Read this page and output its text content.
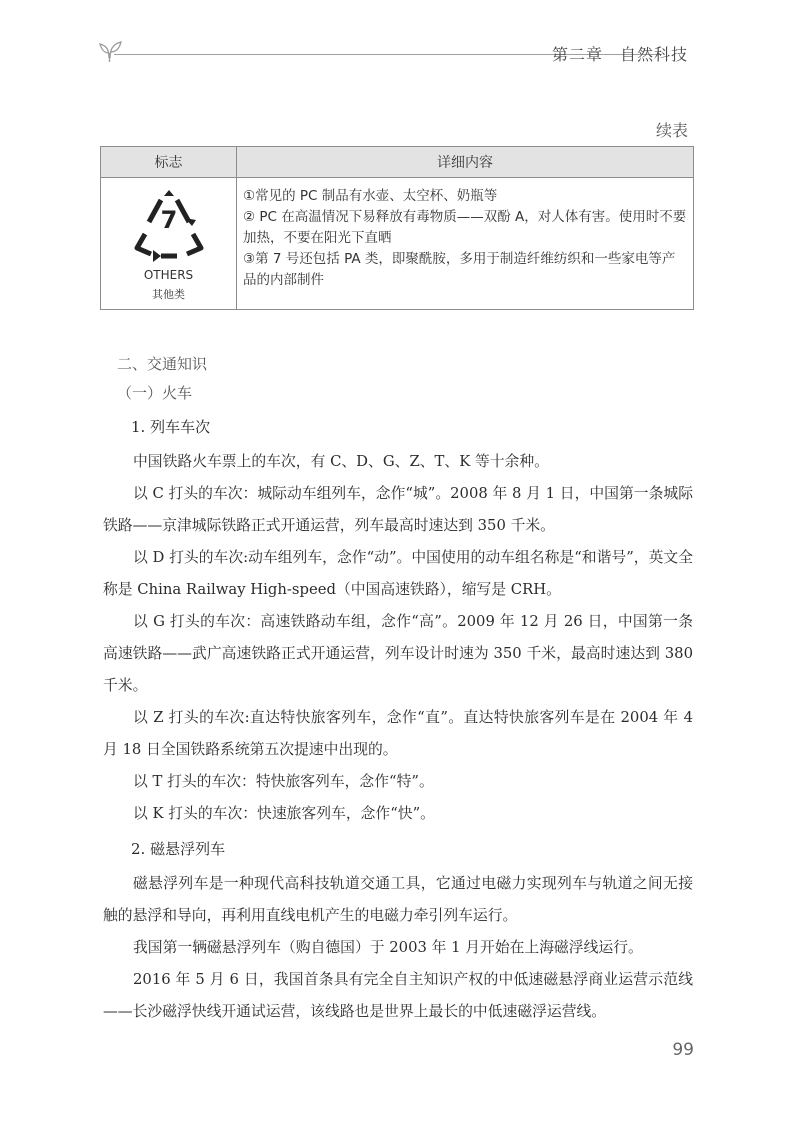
第二章　自然科技
续表
标志	详细内容
7
OTHERS
其他类
①常见的 PC 制品有水壶、太空杯、奶瓶等
② PC 在高温情况下易释放有毒物质——双酚 A，对人体有害。使用时不要加热，不要在阳光下直晒
③第 7 号还包括 PA 类，即聚酰胺，多用于制造纤维纺织和一些家电等产品的内部制件
二、交通知识
（一）火车
1. 列车车次

中国铁路火车票上的车次，有 C、D、G、Z、T、K 等十余种。

以 C 打头的车次：城际动车组列车，念作“城”。2008 年 8 月 1 日，中国第一条城际铁路——京津城际铁路正式开通运营，列车最高时速达到 350 千米。

以 D 打头的车次:动车组列车，念作“动”。中国使用的动车组名称是“和谐号”，英文全称是 China Railway High-speed（中国高速铁路），缩写是 CRH。

以 G 打头的车次：高速铁路动车组，念作“高”。2009 年 12 月 26 日，中国第一条高速铁路——武广高速铁路正式开通运营，列车设计时速为 350 千米，最高时速达到 380 千米。

以 Z 打头的车次:直达特快旅客列车，念作“直”。直达特快旅客列车是在 2004 年 4 月 18 日全国铁路系统第五次提速中出现的。

以 T 打头的车次：特快旅客列车，念作“特”。

以 K 打头的车次：快速旅客列车，念作“快”。

2. 磁悬浮列车

磁悬浮列车是一种现代高科技轨道交通工具，它通过电磁力实现列车与轨道之间无接触的悬浮和导向，再利用直线电机产生的电磁力牵引列车运行。

我国第一辆磁悬浮列车（购自德国）于 2003 年 1 月开始在上海磁浮线运行。

2016 年 5 月 6 日，我国首条具有完全自主知识产权的中低速磁悬浮商业运营示范线——长沙磁浮快线开通试运营，该线路也是世界上最长的中低速磁浮运营线。

99
